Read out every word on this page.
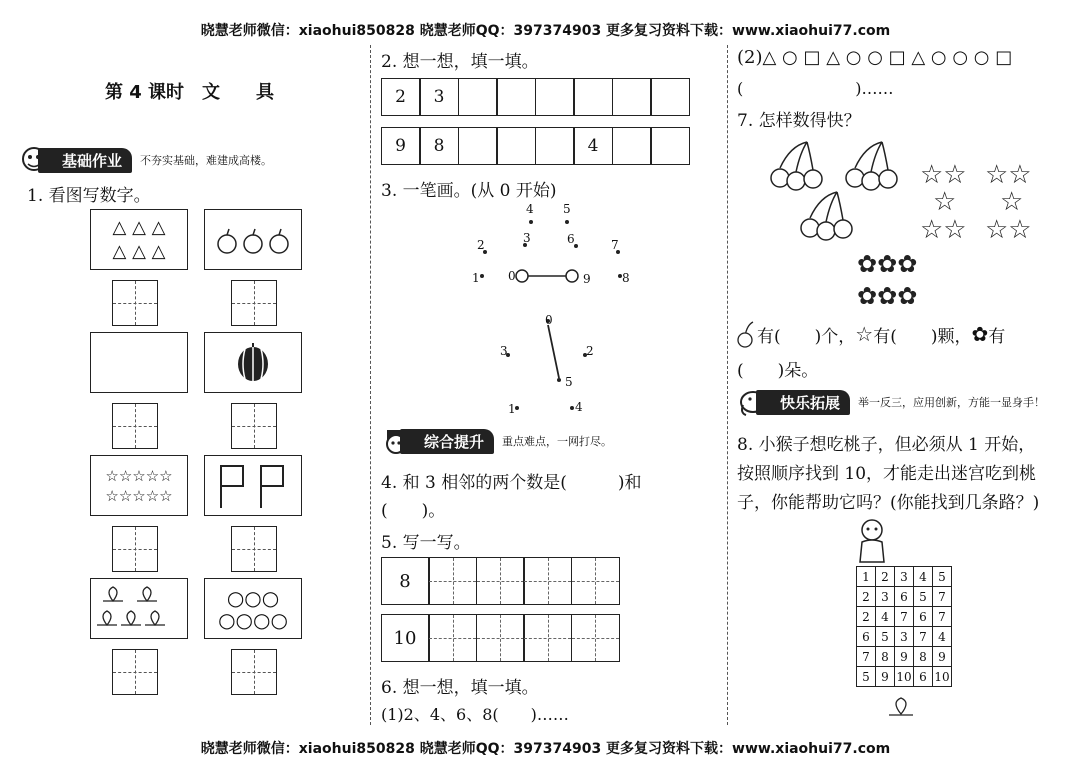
晓慧老师微信：xiaohui850828 晓慧老师QQ：397374903 更多复习资料下载：www.xiaohui77.com
晓慧老师微信：xiaohui850828 晓慧老师QQ：397374903 更多复习资料下载：www.xiaohui77.com
第 4 课时　文　　具
基础作业	不夯实基础，难建成高楼。
1. 看图写数字。
△ △ △
△ △ △
☆☆☆☆☆
☆☆☆☆☆
○○○
○○○○
2. 想一想，填一填。
2	3
9	8	4
3. 一笔画。(从 0 开始)
4 5
2	3	6	7
1 0	9	8
0
3	2
5
1	4
综合提升	重点难点，一网打尽。
4. 和 3 相邻的两个数是(　　　)和
(　　)。
5. 写一写。
8
10
6. 想一想，填一填。
(1)2、4、6、8(　　)……
(2)△ ○ □ △ ○ ○ □ △ ○ ○ ○ □
(　　　　　　　)……
7. 怎样数得快？
☆☆ ☆☆
☆ ☆
☆☆ ☆☆
✿✿✿
✿✿✿
有(　　)个， ☆ 有(　　)颗， ✿ 有
(　　)朵。
快乐拓展	举一反三，应用创新，方能一显身手！
8. 小猴子想吃桃子，但必须从 1 开始，
按照顺序找到 10，才能走出迷宫吃到桃
子，你能帮助它吗？(你能找到几条路？)
1	2	3	4	5
2	3	6	5	7
2	4	7	6	7
6	5	3	7	4
7	8	9	8	9
5	9	10	6	10
